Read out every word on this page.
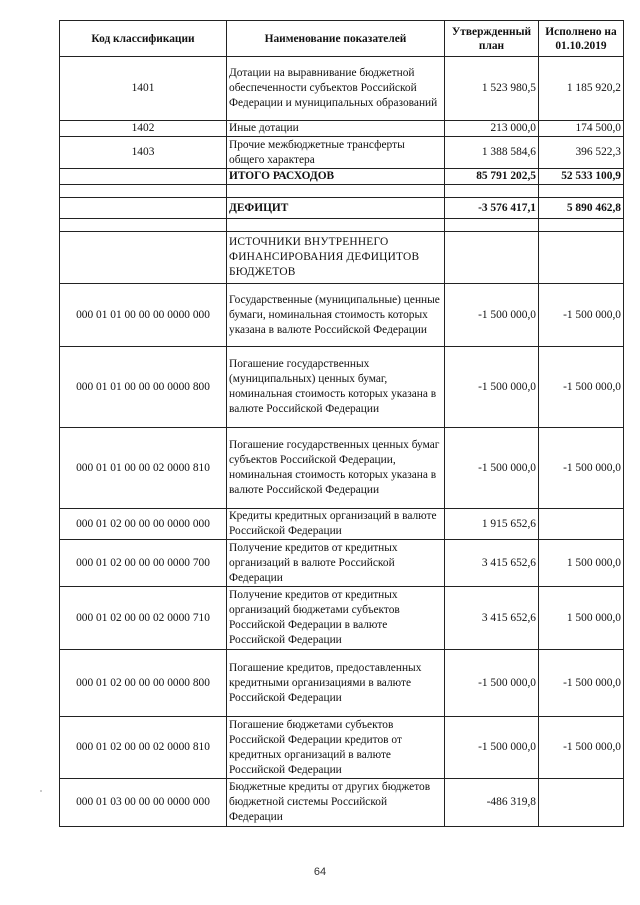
Код классификации	Наименование показателей	Утвержденный план	Исполнено на 01.10.2019
1401	Дотации на выравнивание бюджетной обеспеченности субъектов Российской Федерации и муниципальных образований	1 523 980,5	1 185 920,2
1402	Иные дотации	213 000,0	174 500,0
1403	Прочие межбюджетные трансферты общего характера	1 388 584,6	396 522,3
	ИТОГО РАСХОДОВ	85 791 202,5	52 533 100,9

	ДЕФИЦИТ	-3 576 417,1	5 890 462,8

	ИСТОЧНИКИ ВНУТРЕННЕГО ФИНАНСИРОВАНИЯ ДЕФИЦИТОВ БЮДЖЕТОВ		
000 01 01 00 00 00 0000 000	Государственные (муниципальные) ценные бумаги, номинальная стоимость которых указана в валюте Российской Федерации	-1 500 000,0	-1 500 000,0
000 01 01 00 00 00 0000 800	Погашение государственных (муниципальных) ценных бумаг, номинальная стоимость которых указана в валюте Российской Федерации	-1 500 000,0	-1 500 000,0
000 01 01 00 00 02 0000 810	Погашение государственных ценных бумаг субъектов Российской Федерации, номинальная стоимость которых указана в валюте Российской Федерации	-1 500 000,0	-1 500 000,0
000 01 02 00 00 00 0000 000	Кредиты кредитных организаций в валюте Российской Федерации	1 915 652,6	
000 01 02 00 00 00 0000 700	Получение кредитов от кредитных организаций в валюте Российской Федерации	3 415 652,6	1 500 000,0
000 01 02 00 00 02 0000 710	Получение кредитов от кредитных организаций бюджетами субъектов Российской Федерации в валюте Российской Федерации	3 415 652,6	1 500 000,0
000 01 02 00 00 00 0000 800	Погашение кредитов, предоставленных кредитными организациями в валюте Российской Федерации	-1 500 000,0	-1 500 000,0
000 01 02 00 00 02 0000 810	Погашение бюджетами субъектов Российской Федерации кредитов от кредитных организаций в валюте Российской Федерации	-1 500 000,0	-1 500 000,0
000 01 03 00 00 00 0000 000	Бюджетные кредиты от других бюджетов бюджетной системы Российской Федерации	-486 319,8	
64
